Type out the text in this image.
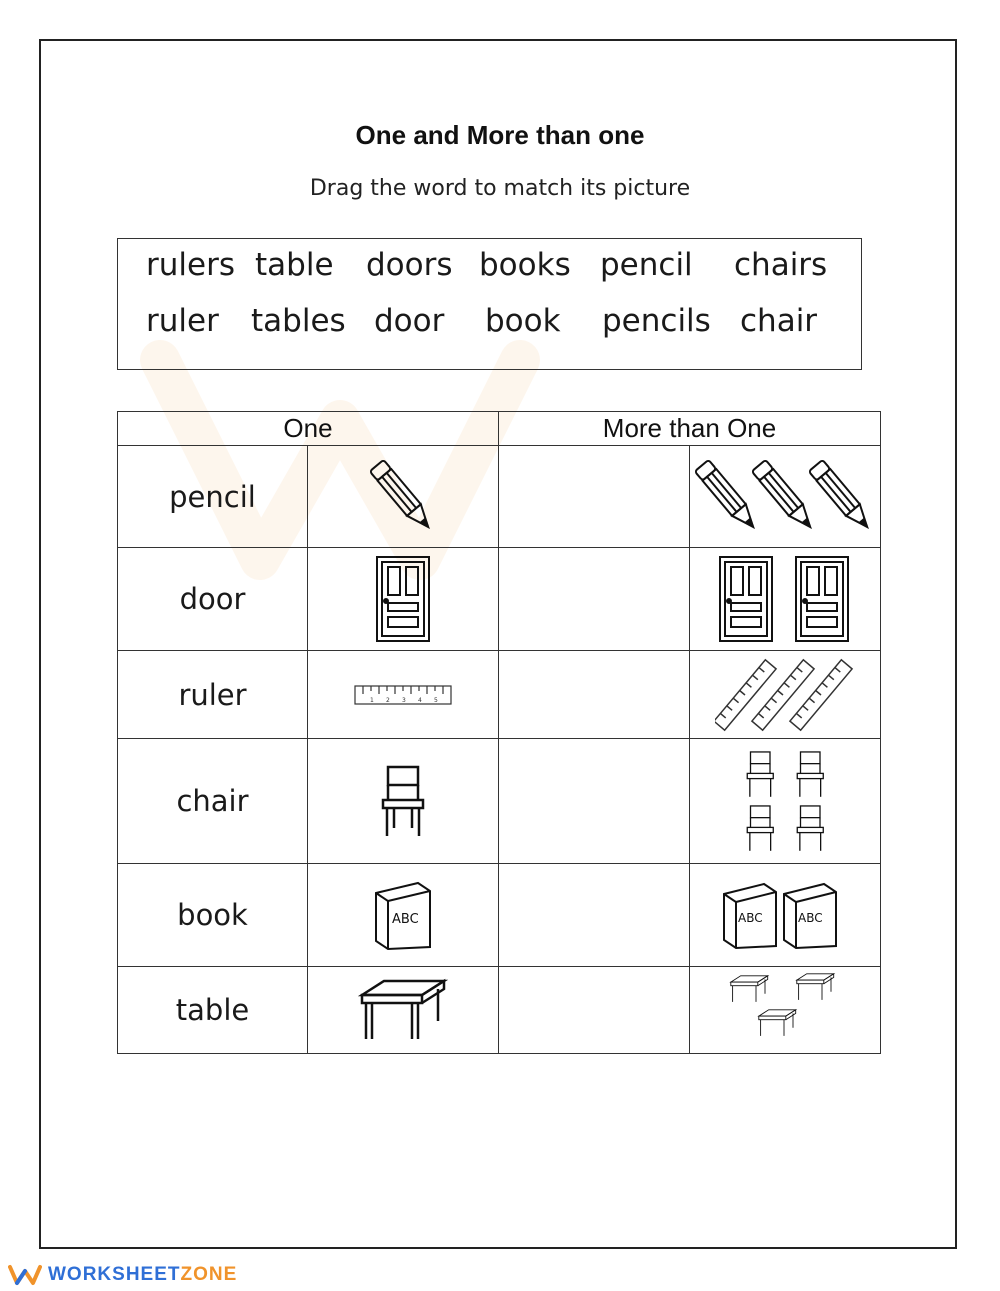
One and More than one
Drag the word to match its picture
rulers table doors books pencil chairs
ruler tables door book pencils chair
One		More than One	
pencil	

door	

ruler	1 2 3 4 5

chair	

book	ABC		ABC ABC

table	

WORKSHEETZONE
